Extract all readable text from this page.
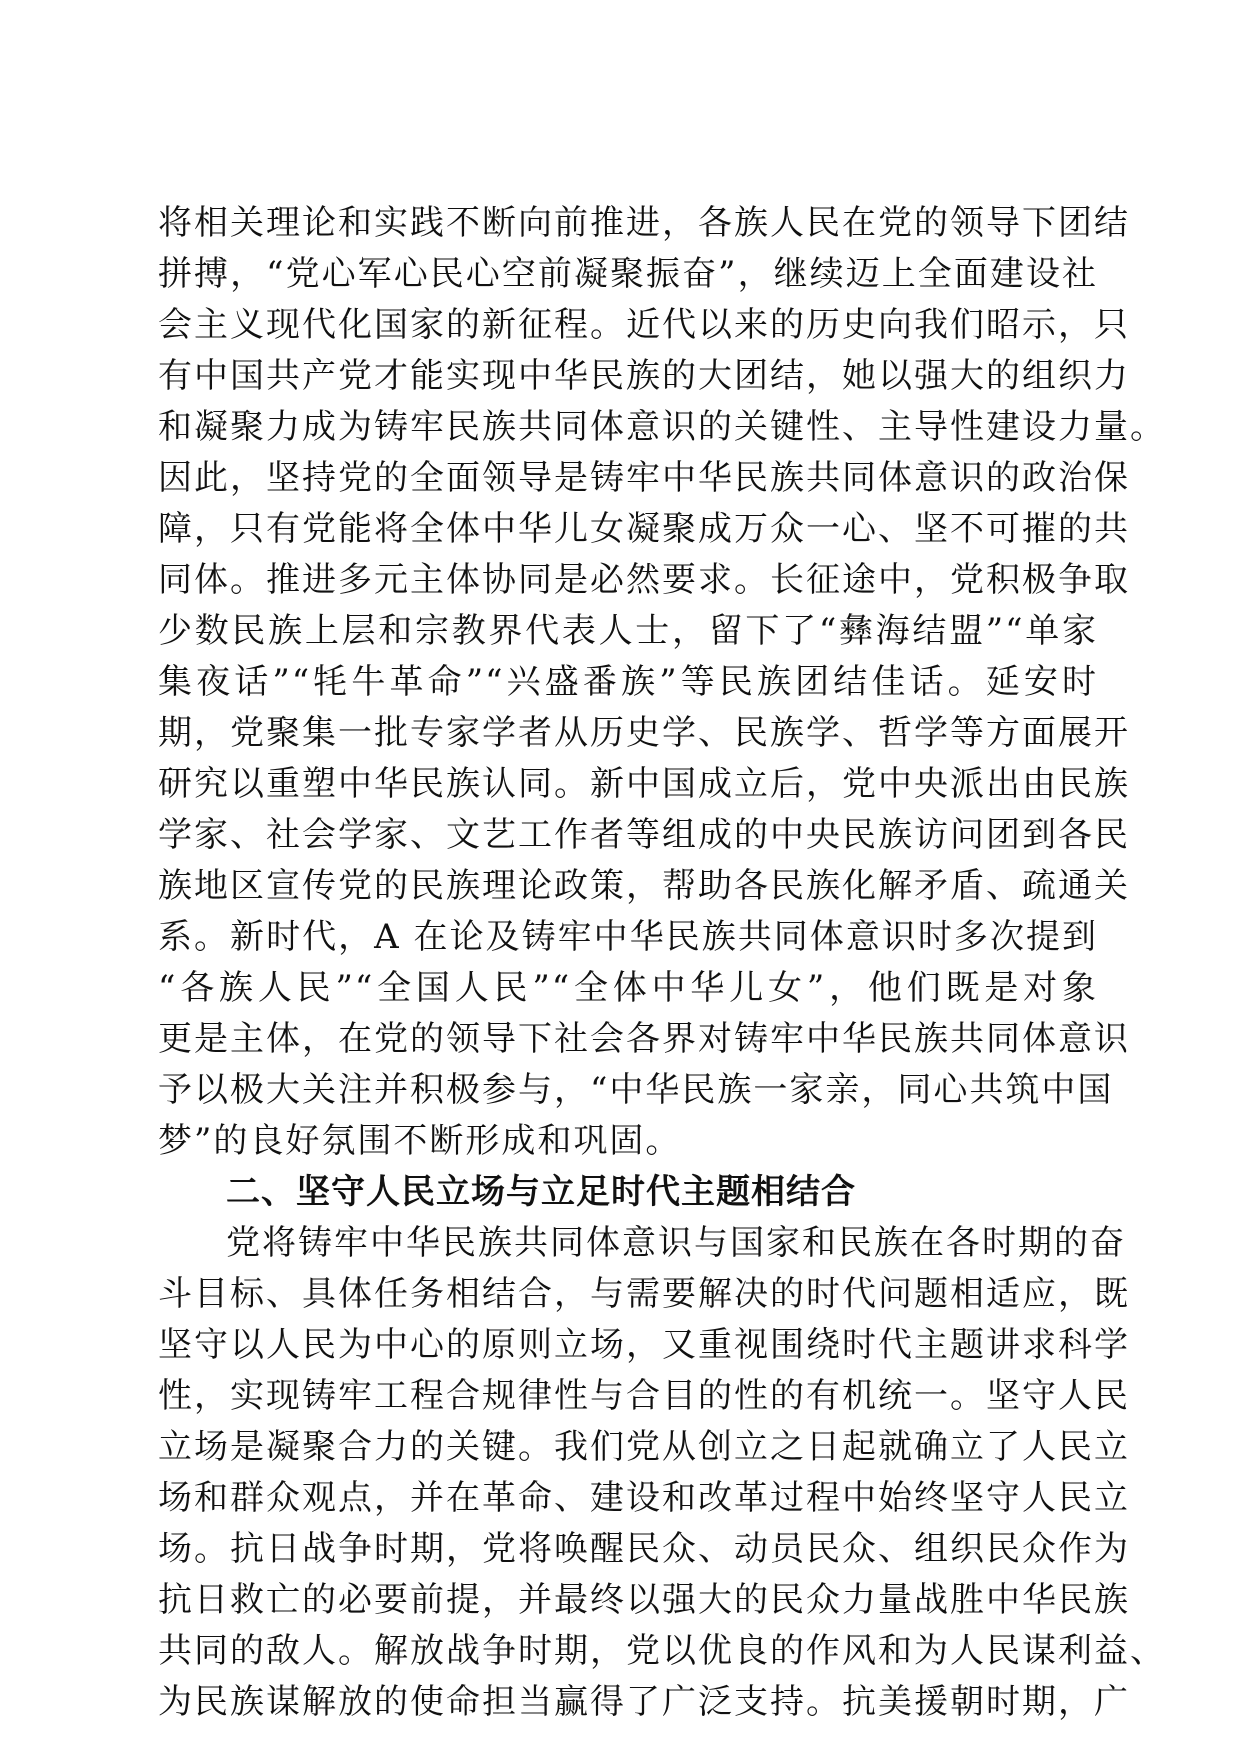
将相关理论和实践不断向前推进，各族人民在党的领导下团结
拼搏，“党心军心民心空前凝聚振奋”，继续迈上全面建设社
会主义现代化国家的新征程。近代以来的历史向我们昭示，只
有中国共产党才能实现中华民族的大团结，她以强大的组织力
和凝聚力成为铸牢民族共同体意识的关键性、主导性建设力量。
因此，坚持党的全面领导是铸牢中华民族共同体意识的政治保
障，只有党能将全体中华儿女凝聚成万众一心、坚不可摧的共
同体。推进多元主体协同是必然要求。长征途中，党积极争取
少数民族上层和宗教界代表人士，留下了“彝海结盟”“单家
集夜话”“牦牛革命”“兴盛番族”等民族团结佳话。延安时
期，党聚集一批专家学者从历史学、民族学、哲学等方面展开
研究以重塑中华民族认同。新中国成立后，党中央派出由民族
学家、社会学家、文艺工作者等组成的中央民族访问团到各民
族地区宣传党的民族理论政策，帮助各民族化解矛盾、疏通关
系。新时代，A 在论及铸牢中华民族共同体意识时多次提到
“各族人民”“全国人民”“全体中华儿女”，他们既是对象
更是主体，在党的领导下社会各界对铸牢中华民族共同体意识
予以极大关注并积极参与，“中华民族一家亲，同心共筑中国
梦”的良好氛围不断形成和巩固。
二、坚守人民立场与立足时代主题相结合
党将铸牢中华民族共同体意识与国家和民族在各时期的奋
斗目标、具体任务相结合，与需要解决的时代问题相适应，既
坚守以人民为中心的原则立场，又重视围绕时代主题讲求科学
性，实现铸牢工程合规律性与合目的性的有机统一。坚守人民
立场是凝聚合力的关键。我们党从创立之日起就确立了人民立
场和群众观点，并在革命、建设和改革过程中始终坚守人民立
场。抗日战争时期，党将唤醒民众、动员民众、组织民众作为
抗日救亡的必要前提，并最终以强大的民众力量战胜中华民族
共同的敌人。解放战争时期，党以优良的作风和为人民谋利益、
为民族谋解放的使命担当赢得了广泛支持。抗美援朝时期，广
